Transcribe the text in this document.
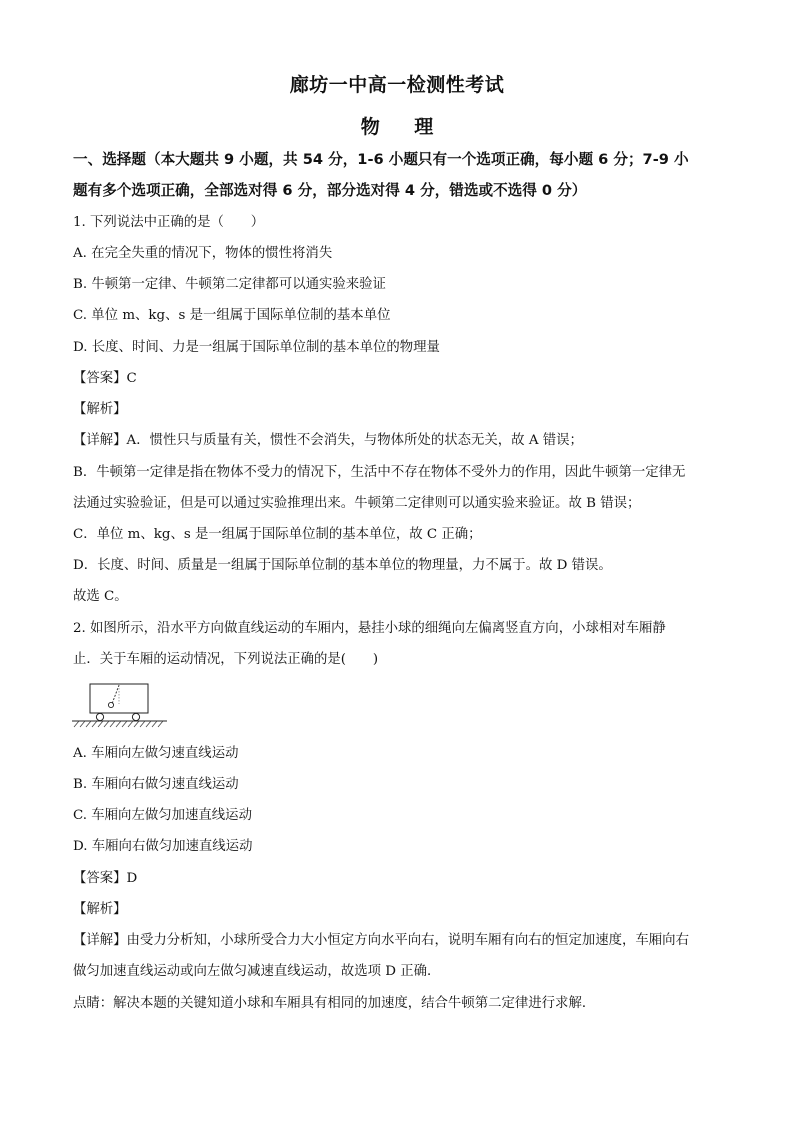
廊坊一中高一检测性考试
物 理
一、选择题（本大题共 9 小题，共 54 分，1-6 小题只有一个选项正确，每小题 6 分；7-9 小
题有多个选项正确，全部选对得 6 分，部分选对得 4 分，错选或不选得 0 分）
1. 下列说法中正确的是（　　）
A. 在完全失重的情况下，物体的惯性将消失
B. 牛顿第一定律、牛顿第二定律都可以通实验来验证
C. 单位 m、kg、s 是一组属于国际单位制的基本单位
D. 长度、时间、力是一组属于国际单位制的基本单位的物理量
【答案】C
【解析】
【详解】A．惯性只与质量有关，惯性不会消失，与物体所处的状态无关，故 A 错误；
B．牛顿第一定律是指在物体不受力的情况下，生活中不存在物体不受外力的作用，因此牛顿第一定律无
法通过实验验证，但是可以通过实验推理出来。牛顿第二定律则可以通实验来验证。故 B 错误；
C．单位 m、kg、s 是一组属于国际单位制的基本单位，故 C 正确；
D．长度、时间、质量是一组属于国际单位制的基本单位的物理量，力不属于。故 D 错误。
故选 C。
2. 如图所示，沿水平方向做直线运动的车厢内，悬挂小球的细绳向左偏离竖直方向，小球相对车厢静
止．关于车厢的运动情况，下列说法正确的是(　　)
A. 车厢向左做匀速直线运动
B. 车厢向右做匀速直线运动
C. 车厢向左做匀加速直线运动
D. 车厢向右做匀加速直线运动
【答案】D
【解析】
【详解】由受力分析知，小球所受合力大小恒定方向水平向右，说明车厢有向右的恒定加速度，车厢向右
做匀加速直线运动或向左做匀减速直线运动，故选项 D 正确．
点睛：解决本题的关键知道小球和车厢具有相同的加速度，结合牛顿第二定律进行求解．
